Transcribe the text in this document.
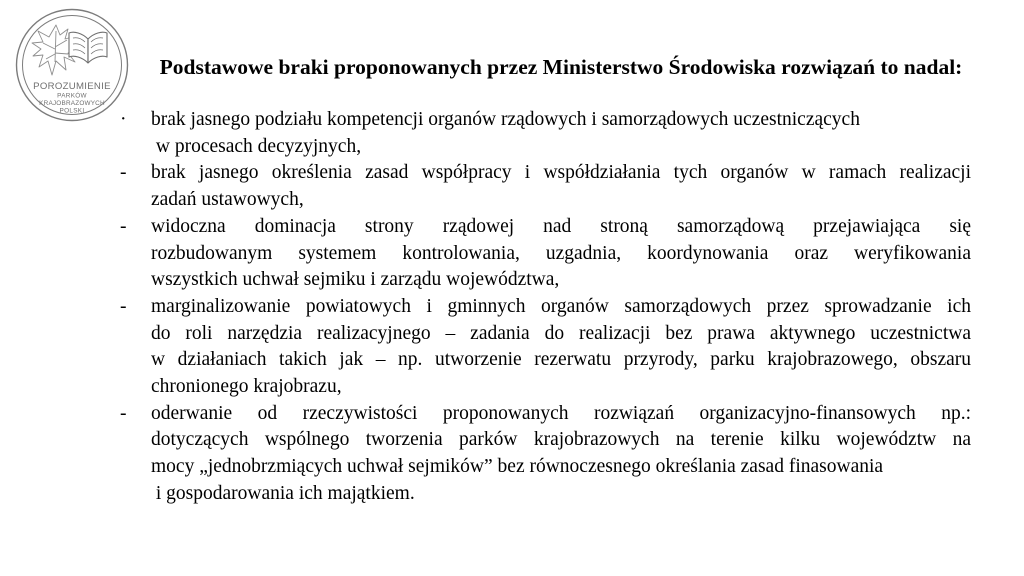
POROZUMIENIE
PARKÓW
KRAJOBRAZOWYCH
POLSKI
Podstawowe braki proponowanych przez Ministerstwo Środowiska rozwiązań to nadal:
·	brak jasnego podziału kompetencji organów rządowych i samorządowych uczestniczących
w procesach decyzyjnych,
-	brak jasnego określenia zasad współpracy i współdziałania tych organów w ramach realizacji
zadań ustawowych,
-	widoczna dominacja strony rządowej nad stroną samorządową przejawiająca się
rozbudowanym systemem kontrolowania, uzgadnia, koordynowania oraz weryfikowania
wszystkich uchwał sejmiku i zarządu województwa,
-	marginalizowanie powiatowych i gminnych organów samorządowych przez sprowadzanie ich
do roli narzędzia realizacyjnego – zadania do realizacji bez prawa aktywnego uczestnictwa
w działaniach takich jak – np. utworzenie rezerwatu przyrody, parku krajobrazowego, obszaru
chronionego krajobrazu,
-	oderwanie od rzeczywistości proponowanych rozwiązań organizacyjno-finansowych np.:
dotyczących wspólnego tworzenia parków krajobrazowych na terenie kilku województw na
mocy „jednobrzmiących uchwał sejmików” bez równoczesnego określania zasad finasowania
i gospodarowania ich majątkiem.
